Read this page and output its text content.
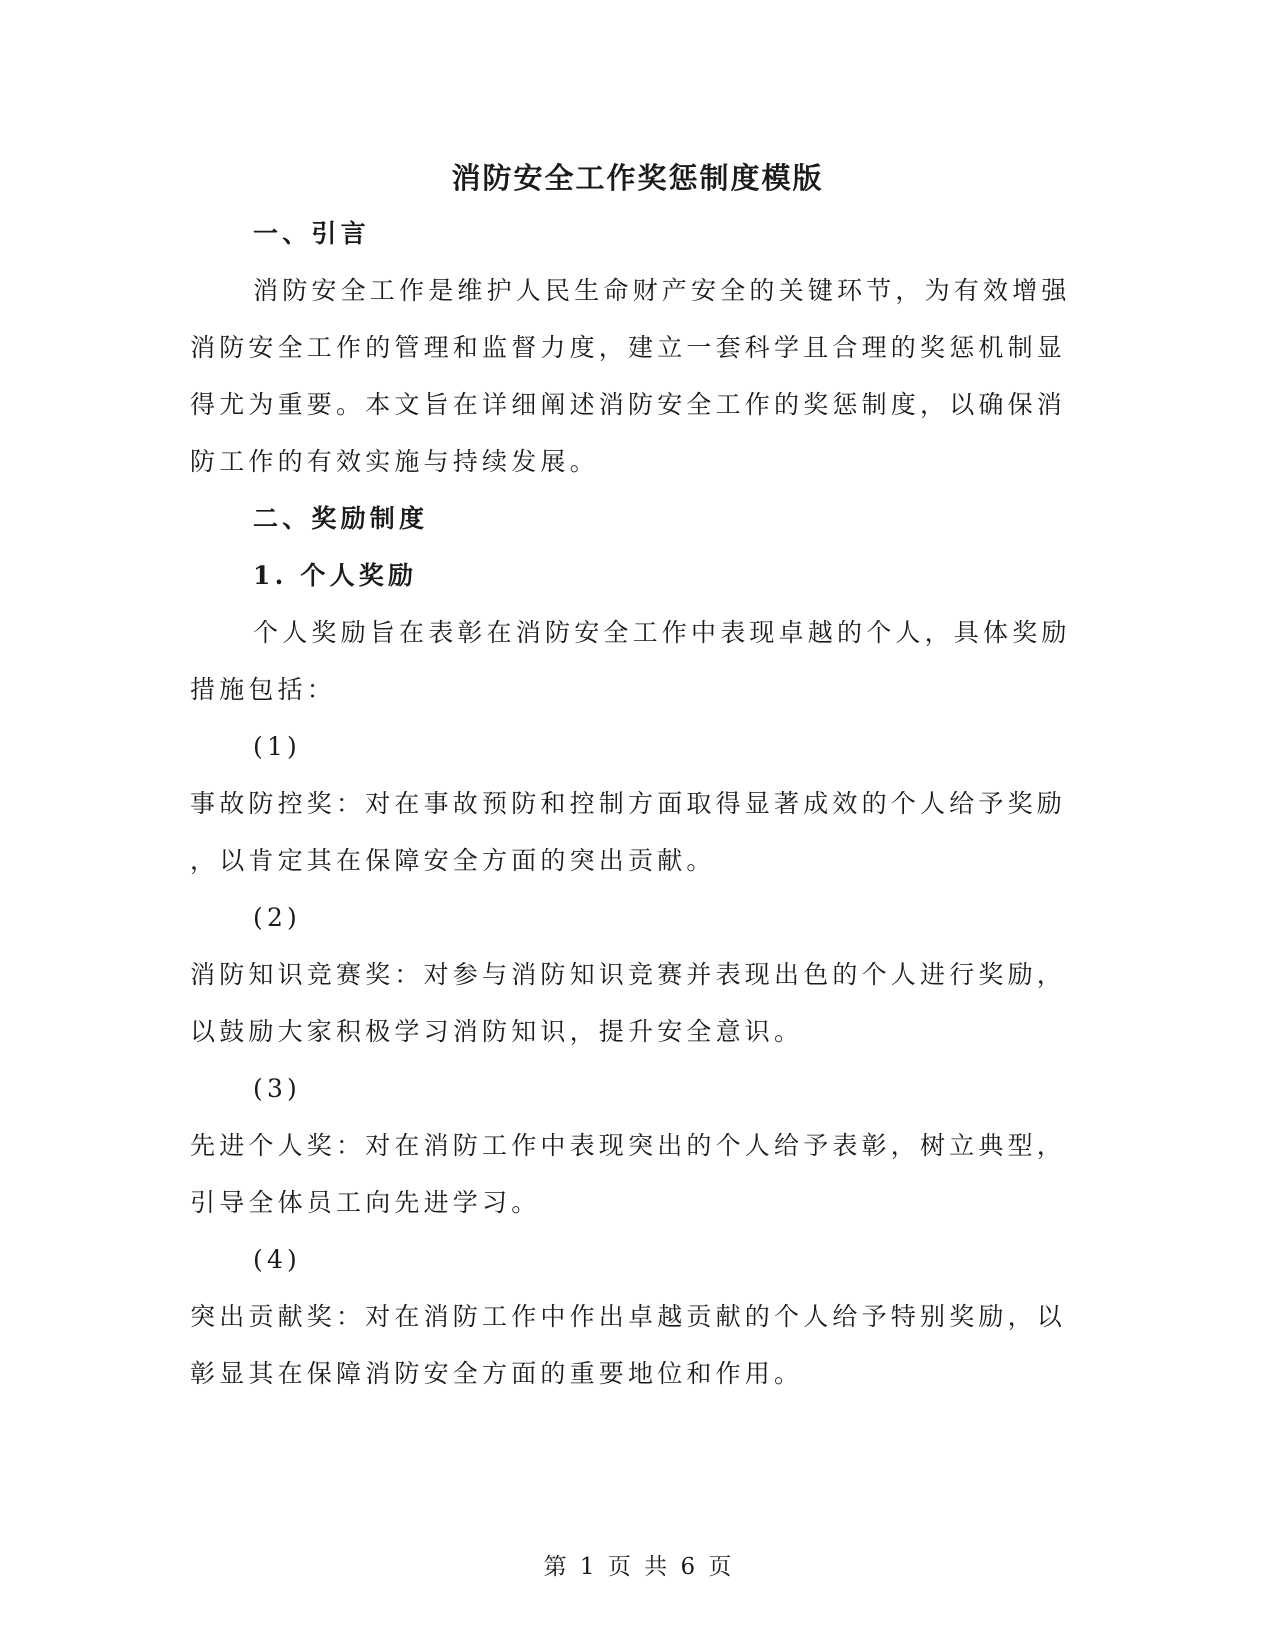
消防安全工作奖惩制度模版
一、引言
消防安全工作是维护人民生命财产安全的关键环节，为有效增强
消防安全工作的管理和监督力度，建立一套科学且合理的奖惩机制显
得尤为重要。本文旨在详细阐述消防安全工作的奖惩制度，以确保消
防工作的有效实施与持续发展。
二、奖励制度
1. 个人奖励
个人奖励旨在表彰在消防安全工作中表现卓越的个人，具体奖励
措施包括：
(1)
事故防控奖：对在事故预防和控制方面取得显著成效的个人给予奖励
，以肯定其在保障安全方面的突出贡献。
(2)
消防知识竞赛奖：对参与消防知识竞赛并表现出色的个人进行奖励，
以鼓励大家积极学习消防知识，提升安全意识。
(3)
先进个人奖：对在消防工作中表现突出的个人给予表彰，树立典型，
引导全体员工向先进学习。
(4)
突出贡献奖：对在消防工作中作出卓越贡献的个人给予特别奖励，以
彰显其在保障消防安全方面的重要地位和作用。
第 1 页 共 6 页
